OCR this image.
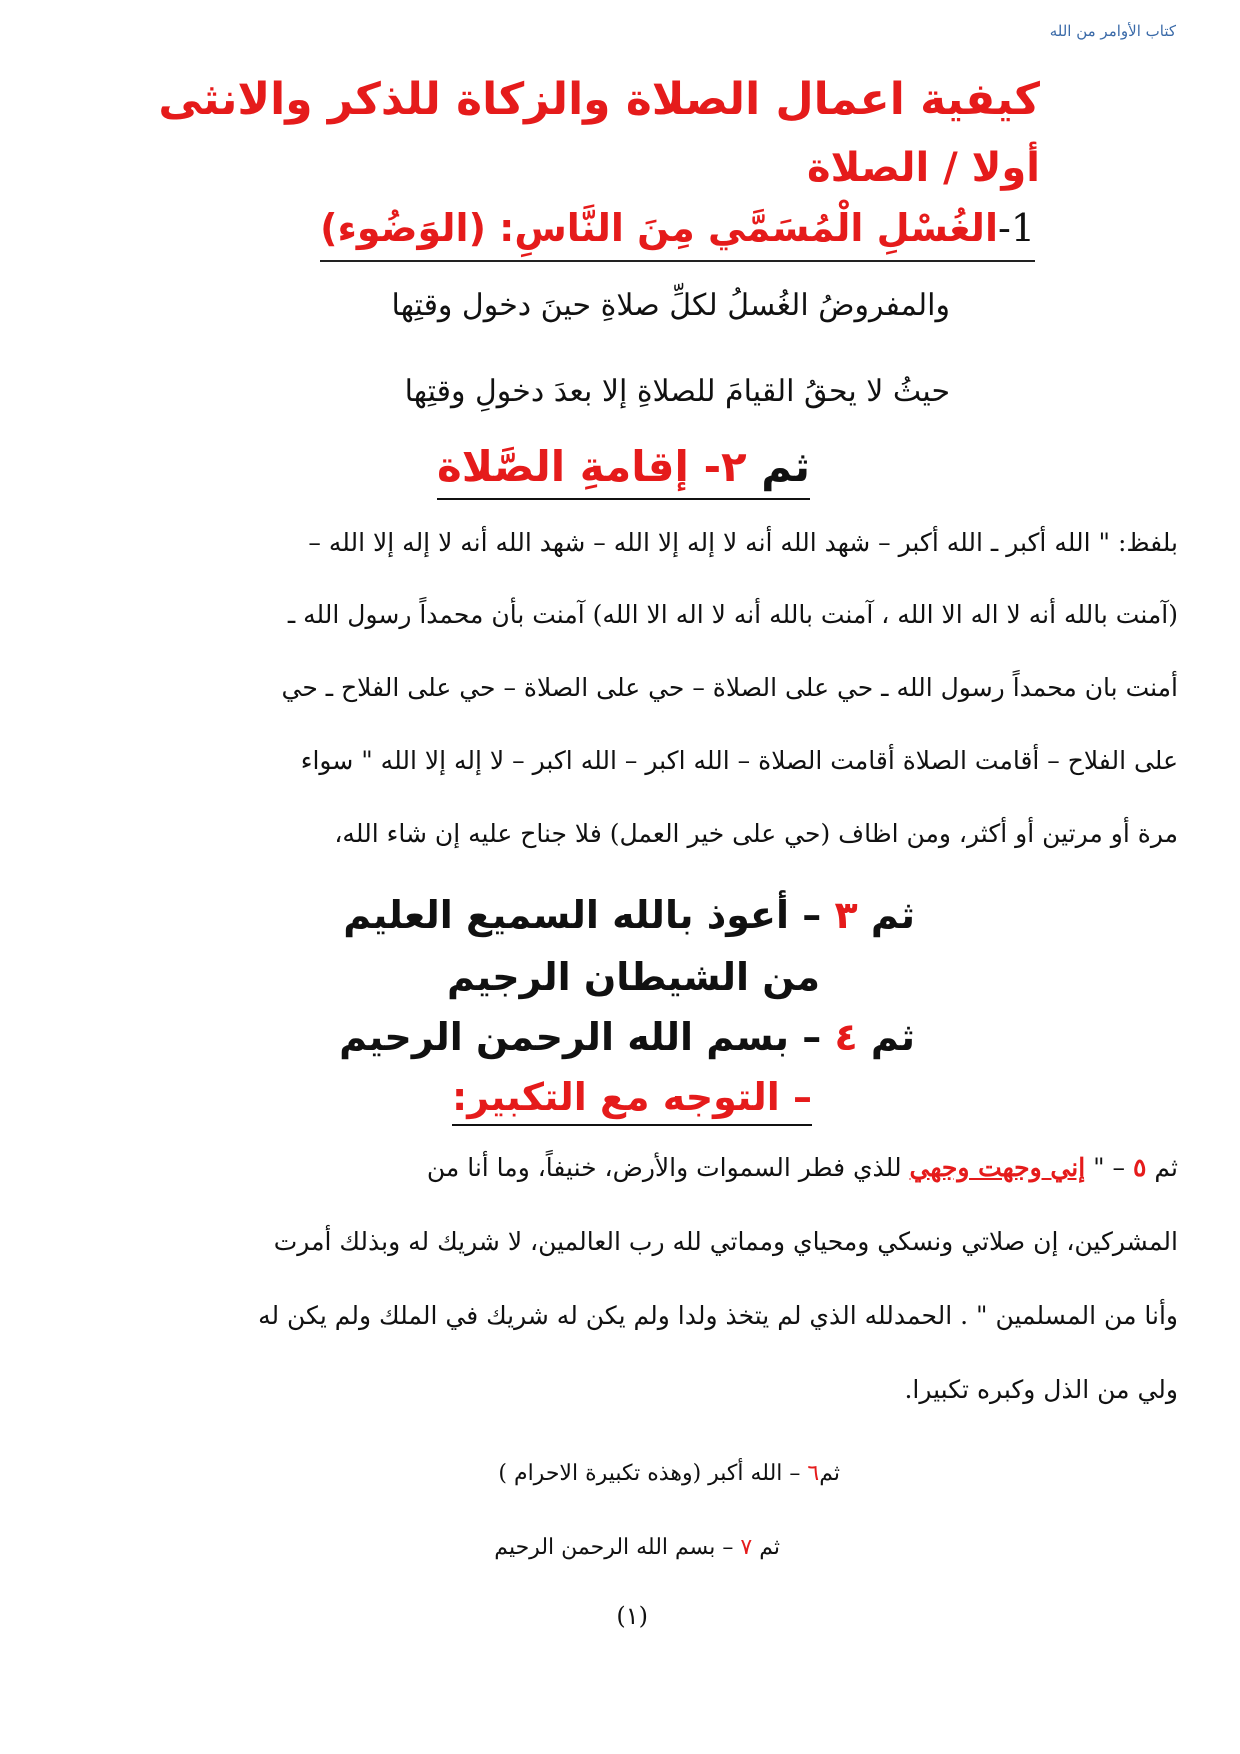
كتاب الأوامر من الله
كيفية اعمال الصلاة والزكاة للذكر والانثى
أولا / الصلاة
1-الغُسْلِ الْمُسَمَّي مِنَ النَّاسِ: (الوَضُوء)
والمفروضُ الغُسلُ لكلِّ صلاةِ حينَ دخول وقتِها
حيثُ لا يحقُ القيامَ للصلاةِ إلا بعدَ دخولِ وقتِها
ثم ٢- إقامةِ الصَّلاة
بلفظ: " الله أكبر ـ الله أكبر – شهد الله أنه لا إله إلا الله – شهد الله أنه لا إله إلا الله –
(آمنت بالله أنه لا اله الا الله ، آمنت بالله أنه لا اله الا الله) آمنت بأن محمداً رسول الله ـ
أمنت بان محمداً رسول الله ـ حي على الصلاة – حي على الصلاة – حي على الفلاح ـ حي
على الفلاح – أقامت الصلاة أقامت الصلاة – الله اكبر – الله اكبر – لا إله إلا الله " سواء
مرة أو مرتين أو أكثر، ومن اظاف (حي على خير العمل) فلا جناح عليه إن شاء الله،
ثم ٣ – أعوذ بالله السميع العليم
من الشيطان الرجيم
ثم ٤ – بسم الله الرحمن الرحيم
– التوجه مع التكبير:
ثم ٥ – " إني وجهت وجهي للذي فطر السموات والأرض، خنيفاً، وما أنا من
المشركين، إن صلاتي ونسكي ومحياي ومماتي لله رب العالمين، لا شريك له وبذلك أمرت
وأنا من المسلمين " . الحمدلله الذي لم يتخذ ولدا ولم يكن له شريك في الملك ولم يكن له
ولي من الذل وكبره تكبيرا.
ثم٦ – الله أكبر (وهذه تكبيرة الاحرام )
ثم ٧ – بسم الله الرحمن الرحيم
(١)
